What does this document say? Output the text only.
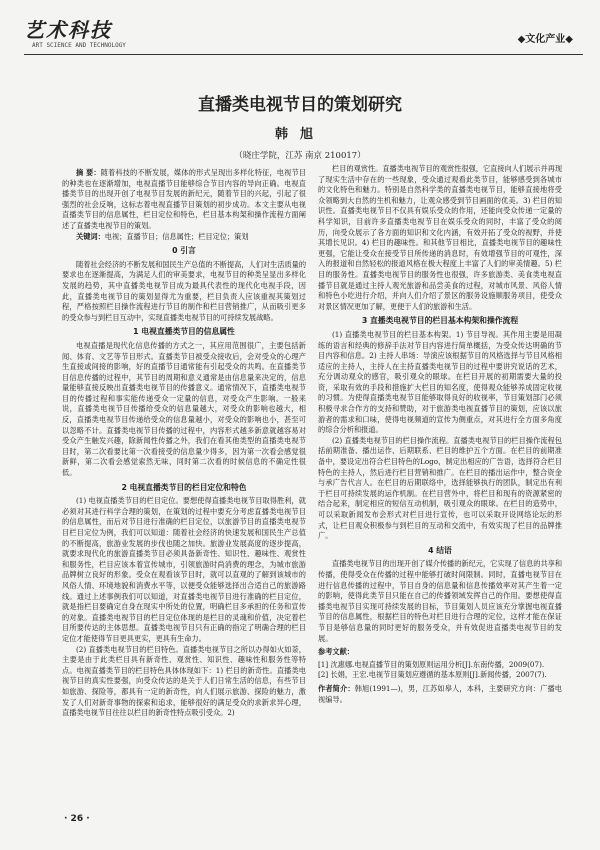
艺术科技
ART SCIENCE AND TECHNOLOGY
◆文化产业◆
直播类电视节目的策划研究
韩旭
（晓庄学院，江苏 南京 210017）

摘 要：随着科技的不断发展，媒体的形式呈现出多样化特征，电视节目的种类也在逐渐增加，电视直播节目能够综合节目内容的导向正确。电视直播类节目的出现开创了电视节目发展的新纪元，随着节目的兴起，引起了很强烈的社会反响，这标志着电视直播节目策划的初步成功。本文主要从电视直播类节目的信息属性，栏目定位和特色，栏目基本构架和操作流程方面阐述了直播类电视节目的策划。

关键词：电视；直播节目；信息属性；栏目定位；策划

0 引言

随着社会经济的不断发展和国民生产总值的不断提高，人们对生活质量的要求也在逐渐提高，为满足人们的审美要求，电视节目的种类呈显出多样化发展的趋势，其中直播类电视节目成为最具代表性的现代化电视手段，因此，直播类电视节目的策划显得尤为重要，栏目负责人应该重视其策划过程，严格按照栏目操作流程进行节目的制作和栏目营销推广，从而吸引更多的受众参与到栏目互动中，实现直播类电视节目的可持续发展战略。

1 电视直播类节目的信息属性

电视直播是现代化信息传播的方式之一，其应用范围很广，主要包括新闻、体育、文艺等节目形式。直播类节目被受众接收后，会对受众的心理产生直接或间接的影响，好的直播节目通常能有引起受众的共鸣。在直播类节目信息传播的过程中，其节目的周期和意义通常是由信息量来决定的，信息量能够直接反映出直播类电视节目的传播意义。通常情况下，直播类电视节目的传播过程和事实能传递受众一定量的信息，对受众产生影响。一般来说，直播类电视节目传播给受众的信息量越大，对受众的影响也越大，相反，直播类电视节目传递给受众的信息量越小，对受众的影响也小，甚至可以忽略不计。直播类电视节目传播的过程中，内容形式越多新意就越容易对受众产生触发兴趣，除新闻性传播之外，我们在看其他类型的直播类电视节目时，第二次看要比第一次看接受的信息量少得多，因为第一次看会感觉很新鲜，第二次看会感觉索然无味，同时第二次看的时候信息的不确定性很低。

2 电视直播类节目的栏目定位和特色

(1) 电视直播类节目的栏目定位。要想使得直播类电视节目取得胜利，就必须对其进行科学合理的策划，在策划的过程中要充分考虑直播类电视节目的信息属性，而后对节目进行准确的栏目定位，以旅游节目的直播类电视节目栏目定位为例，我们可以知道：随着社会经济的快速发展和国民生产总值的不断提高，旅游业发展的步伐也随之加快。旅游业发展高度的逐步提高，就要求现代化的旅游直播类节目必须具备新奇性、知识性、趣味性、观赏性和服务性，栏目应该本着宣传城市，引领旅游时尚消费的理念，为城市旅游品牌树立良好的形象。受众在观看该节目时，就可以直观的了解到该城市的风俗人情、环境地貌和消费水平等，以便受众能够选择出合适自己的旅游路线。通过上述事例我们可以知道，对直播类电视节目进行准确的栏目定位，就是指栏目要确定自身在现实中所处的位置，明确栏目多承担的任务和宣传的对象。直播类电视节目的栏目定位体现的是栏目的灵魂和价值，决定着栏目所要传达的主体思想。直播类电视节目只有正确的指定了明确合理的栏目定位才能使得节目更具更实，更具有生命力。

(2) 直播类电视节目的栏目特色。直播类电视节目之所以办得如火如荼，主要是由于此类栏目具有新奇性、观赏性、知识性、趣味性和服务性等特点。电视直播类节目的栏目特色具体体现如下：1) 栏目的新奇性。直播类电视节目的真实性要强，向受众传达的是关于人们日常生活的信息，有些节目如旅游、探险等，都具有一定的新奇性，向人们展示旅游、探险的魅力，激发了人们对新奇事物的探索和追求，能够很好的满足受众的求新求异心理，直播类电视节目往往以栏目的新奇性特点吸引受众。2)

栏目的观赏性。直播类电视节目的观赏性很强，它直接向人们展示并再现了现实生活中存在的一些现象，受众通过观看此类节目，能够感受到各城市的文化特色和魅力。特别是自然科学类的直播类电视节目，能够直接地将受众领略到大自然的生机和魅力，让观众感受到节目画面的优美。3) 栏目的知识性。直播类电视节目不仅具有娱乐受众的作用，还能向受众传递一定量的科学知识，目前许多直播类电视节目在娱乐受众的同时，丰富了受众的阅历，向受众展示了各方面的知识和文化内涵，有效开拓了受众的视野，并使其增长见识。4) 栏目的趣味性。和其他节目相比，直播类电视节目的趣味性更强，它能让受众在接受节目所传递的消息时，有效增强节目的可观性，深入的报道和自然轻松的报道风格在极大程度上丰富了人们的审美情趣。5) 栏目的服务性。直播类电视节目的服务性也很强，许多旅游类、美食类电视直播节目就是通过主持人观光旅游和品尝美食的过程，对城市风景、风俗人情和特色小吃进行介绍，并向人们介绍了景区的服务设施顺服务项目，使受众对景区情况更加了解，更便于人们的旅游和生活。

3 直播类电视节目的栏目基本构架和操作流程

(1) 直播类电视节目的栏目基本构架。1) 节目导视。其作用主要是用凝练的语言和经典的修辞手法对节目内容进行简单概括，为受众传达明确的节目内容和信息。2) 主持人串场：导演应该根据节目的风格选择与节目风格相适应的主持人，主持人在主持直播类电视节目的过程中要讲究说话的艺术，充分调动观众的感官，吸引观众的眼球。在栏目开展的初期需要大量的投资，采取有效的手段和措施扩大栏目的知名度，使得观众能够养成固定收视的习惯。为使得直播类电视节目能够取得良好的收视率，节目策划部门必须积极寻求合作方的支持和赞助，对于旅游类电视直播节目的策划，应该以旅游者的需求和口味，使得电视频道的宣传为侧重点，对其进行全方面多角度的综合分析和报道。

(2) 直播类电视节目的栏目操作流程。直播类电视节目的栏目操作流程包括前期准备、播出运作、后期联系、栏目的维护五个方面。在栏目的前期准备中，要设定出符合栏目特色的Logo，制定出相应的广告语，选择符合栏目特色的主持人，然后进行栏目营销和推广。在栏目的播出运作中，整合资金与承广告代言人。在栏目的后期联络中，选择能够执行的团队，制定出有利于栏目可持续发展的运作机制。在栏目营外中，将栏目和现有的资源紧密的结合起来，制定相应的短信互动机制，吸引观众的眼球。在栏目的造势中，可以采取新闻发布会形式对栏目进行宣传，也可以采取开设网络论坛的形式，让栏目观众积极参与到栏目的互动和交流中，有效实现了栏目的品牌推广。

4 结语

直播类电视节目的出现开创了媒介传播的新纪元，它实现了信息的共享和传播，使得受众在传播的过程中能够打破时间限制。同时，直播电视节目在进行信息传播的过程中，节目自身的信息量和信息传播效率对其产生着一定的影响，使得此类节目只能在自己的传播领域发挥自己的作用。要想使得直播类电视节目实现可持续发展的目标，节目策划人员应该充分掌握电视直播节目的信息属性，根据栏目的特色对栏目进行合理的定位，这样才能在保证节目是够信息量的同时更好的服务受众，并有效促进直播类电视节目的发展。

参考文献：

[1] 沈惠娜.电视直播节目的策划原则运用分析[J].东南传播，2009(07).

[2] 长娟，王宏.电视节目策划应遵循的基本原则[J].新闻传播，2007(7).

作者简介：韩旭(1991—)，男，江苏如皋人，本科，主要研究方向：广播电视编导。

· 26 ·
